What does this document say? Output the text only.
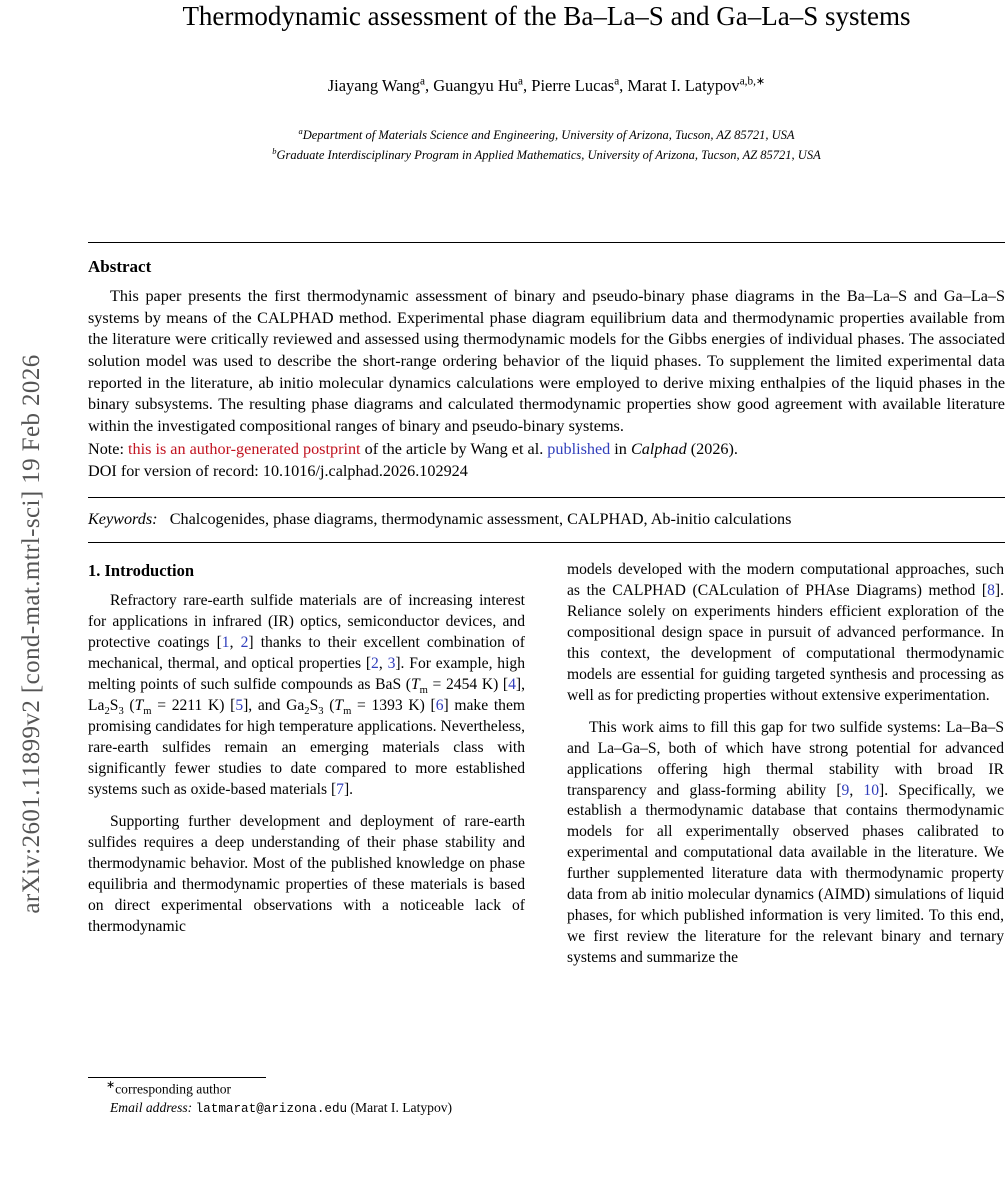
arXiv:2601.11899v2 [cond-mat.mtrl-sci] 19 Feb 2026
Thermodynamic assessment of the Ba–La–S and Ga–La–S systems
Jiayang Wang$^a$, Guangyu Hu$^a$, Pierre Lucas$^a$, Marat I. Latypov$^{a,b,∗}$
$^a$Department of Materials Science and Engineering, University of Arizona, Tucson, AZ 85721, USA
$^b$Graduate Interdisciplinary Program in Applied Mathematics, University of Arizona, Tucson, AZ 85721, USA
Abstract
This paper presents the first thermodynamic assessment of binary and pseudo-binary phase diagrams in the Ba–La–S and Ga–La–S systems by means of the CALPHAD method. Experimental phase diagram equilibrium data and thermodynamic properties available from the literature were critically reviewed and assessed using thermodynamic models for the Gibbs energies of individual phases. The associated solution model was used to describe the short-range ordering behavior of the liquid phases. To supplement the limited experimental data reported in the literature, ab initio molecular dynamics calculations were employed to derive mixing enthalpies of the liquid phases in the binary subsystems. The resulting phase diagrams and calculated thermodynamic properties show good agreement with available literature within the investigated compositional ranges of binary and pseudo-binary systems.
Note: this is an author-generated postprint of the article by Wang et al. published in Calphad (2026).
DOI for version of record: 10.1016/j.calphad.2026.102924
Keywords: Chalcogenides, phase diagrams, thermodynamic assessment, CALPHAD, Ab-initio calculations
1. Introduction
Refractory rare-earth sulfide materials are of increasing interest for applications in infrared (IR) optics, semiconductor devices, and protective coatings [1, 2] thanks to their excellent combination of mechanical, thermal, and optical properties [2, 3]. For example, high melting points of such sulfide compounds as BaS ($T_m = 2454$ K) [4], $La_2S_3$ ($T_m = 2211$ K) [5], and $Ga_2S_3$ ($T_m = 1393$ K) [6] make them promising candidates for high temperature applications. Nevertheless, rare-earth sulfides remain an emerging materials class with significantly fewer studies to date compared to more established systems such as oxide-based materials [7].
Supporting further development and deployment of rare-earth sulfides requires a deep understanding of their phase stability and thermodynamic behavior. Most of the published knowledge on phase equilibria and thermodynamic properties of these materials is based on direct experimental observations with a noticeable lack of thermodynamic
∗corresponding author
Email address: latmarat@arizona.edu (Marat I. Latypov)
models developed with the modern computational approaches, such as the CALPHAD (CALculation of PHAse Diagrams) method [8]. Reliance solely on experiments hinders efficient exploration of the compositional design space in pursuit of advanced performance. In this context, the development of computational thermodynamic models are essential for guiding targeted synthesis and processing as well as for predicting properties without extensive experimentation.
This work aims to fill this gap for two sulfide systems: La–Ba–S and La–Ga–S, both of which have strong potential for advanced applications offering high thermal stability with broad IR transparency and glass-forming ability [9, 10]. Specifically, we establish a thermodynamic database that contains thermodynamic models for all experimentally observed phases calibrated to experimental and computational data available in the literature. We further supplemented literature data with thermodynamic property data from ab initio molecular dynamics (AIMD) simulations of liquid phases, for which published information is very limited. To this end, we first review the literature for the relevant binary and ternary systems and summarize the
